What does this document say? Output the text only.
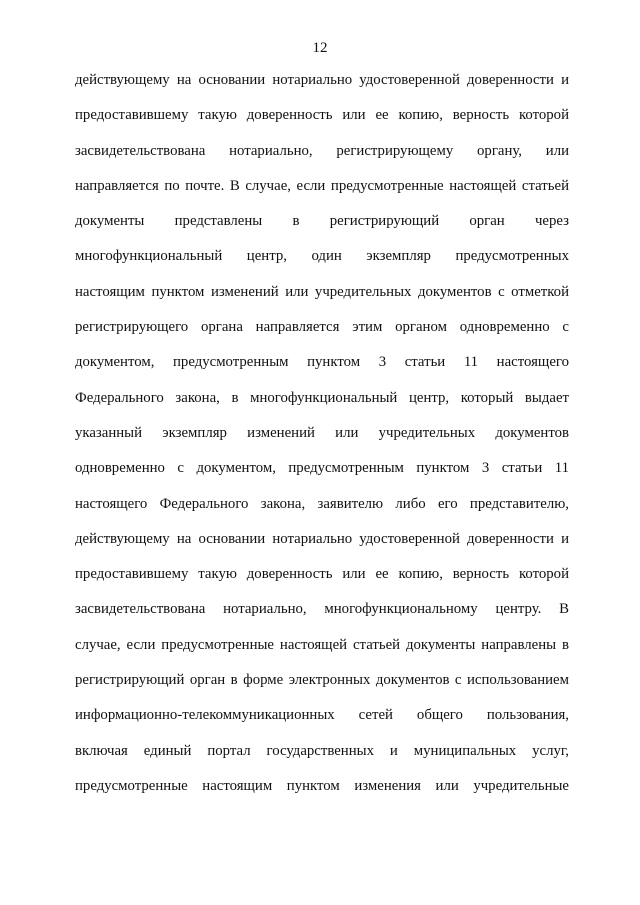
12
действующему на основании нотариально удостоверенной доверенности и
предоставившему такую доверенность или ее копию, верность которой
засвидетельствована нотариально, регистрирующему органу, или
направляется по почте. В случае, если предусмотренные настоящей статьей
документы представлены в регистрирующий орган через
многофункциональный центр, один экземпляр предусмотренных
настоящим пунктом изменений или учредительных документов с отметкой
регистрирующего органа направляется этим органом одновременно с
документом, предусмотренным пунктом 3 статьи 11 настоящего
Федерального закона, в многофункциональный центр, который выдает
указанный экземпляр изменений или учредительных документов
одновременно с документом, предусмотренным пунктом 3 статьи 11
настоящего Федерального закона, заявителю либо его представителю,
действующему на основании нотариально удостоверенной доверенности и
предоставившему такую доверенность или ее копию, верность которой
засвидетельствована нотариально, многофункциональному центру. В
случае, если предусмотренные настоящей статьей документы направлены в
регистрирующий орган в форме электронных документов с использованием
информационно-телекоммуникационных сетей общего пользования,
включая единый портал государственных и муниципальных услуг,
предусмотренные настоящим пунктом изменения или учредительные
